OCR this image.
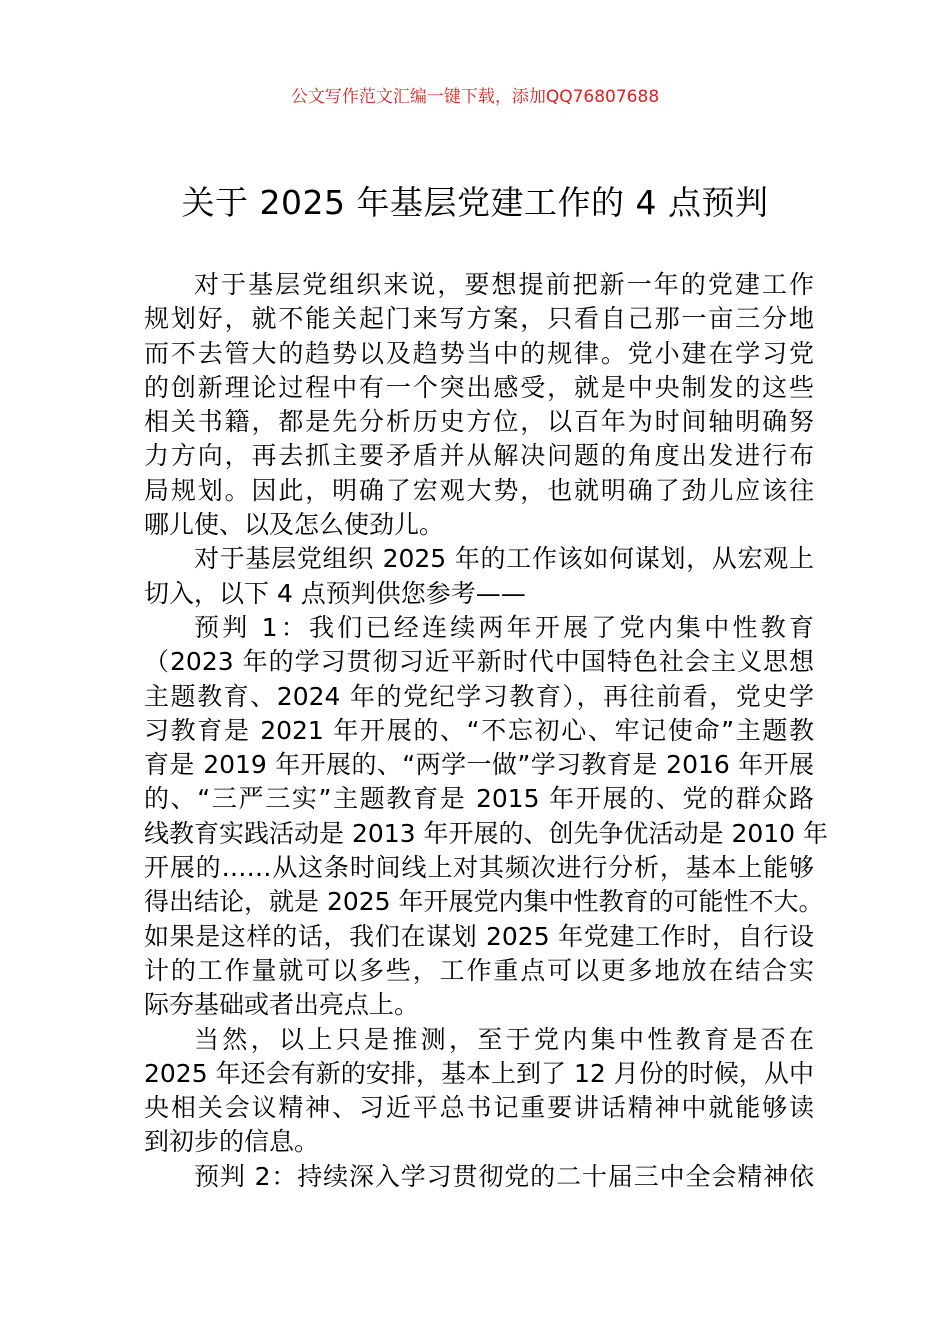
公文写作范文汇编一键下载，添加QQ76807688
关于 2025 年基层党建工作的 4 点预判
对于基层党组织来说，要想提前把新一年的党建工作
规划好，就不能关起门来写方案，只看自己那一亩三分地
而不去管大的趋势以及趋势当中的规律。党小建在学习党
的创新理论过程中有一个突出感受，就是中央制发的这些
相关书籍，都是先分析历史方位，以百年为时间轴明确努
力方向，再去抓主要矛盾并从解决问题的角度出发进行布
局规划。因此，明确了宏观大势，也就明确了劲儿应该往
哪儿使、以及怎么使劲儿。
对于基层党组织 2025 年的工作该如何谋划，从宏观上
切入，以下 4 点预判供您参考——
预判 1：我们已经连续两年开展了党内集中性教育
（2023 年的学习贯彻习近平新时代中国特色社会主义思想
主题教育、2024 年的党纪学习教育），再往前看，党史学
习教育是 2021 年开展的、“不忘初心、牢记使命”主题教
育是 2019 年开展的、“两学一做”学习教育是 2016 年开展
的、“三严三实”主题教育是 2015 年开展的、党的群众路
线教育实践活动是 2013 年开展的、创先争优活动是 2010 年
开展的……从这条时间线上对其频次进行分析，基本上能够
得出结论，就是 2025 年开展党内集中性教育的可能性不大。
如果是这样的话，我们在谋划 2025 年党建工作时，自行设
计的工作量就可以多些，工作重点可以更多地放在结合实
际夯基础或者出亮点上。
当然，以上只是推测，至于党内集中性教育是否在
2025 年还会有新的安排，基本上到了 12 月份的时候，从中
央相关会议精神、习近平总书记重要讲话精神中就能够读
到初步的信息。
预判 2：持续深入学习贯彻党的二十届三中全会精神依
